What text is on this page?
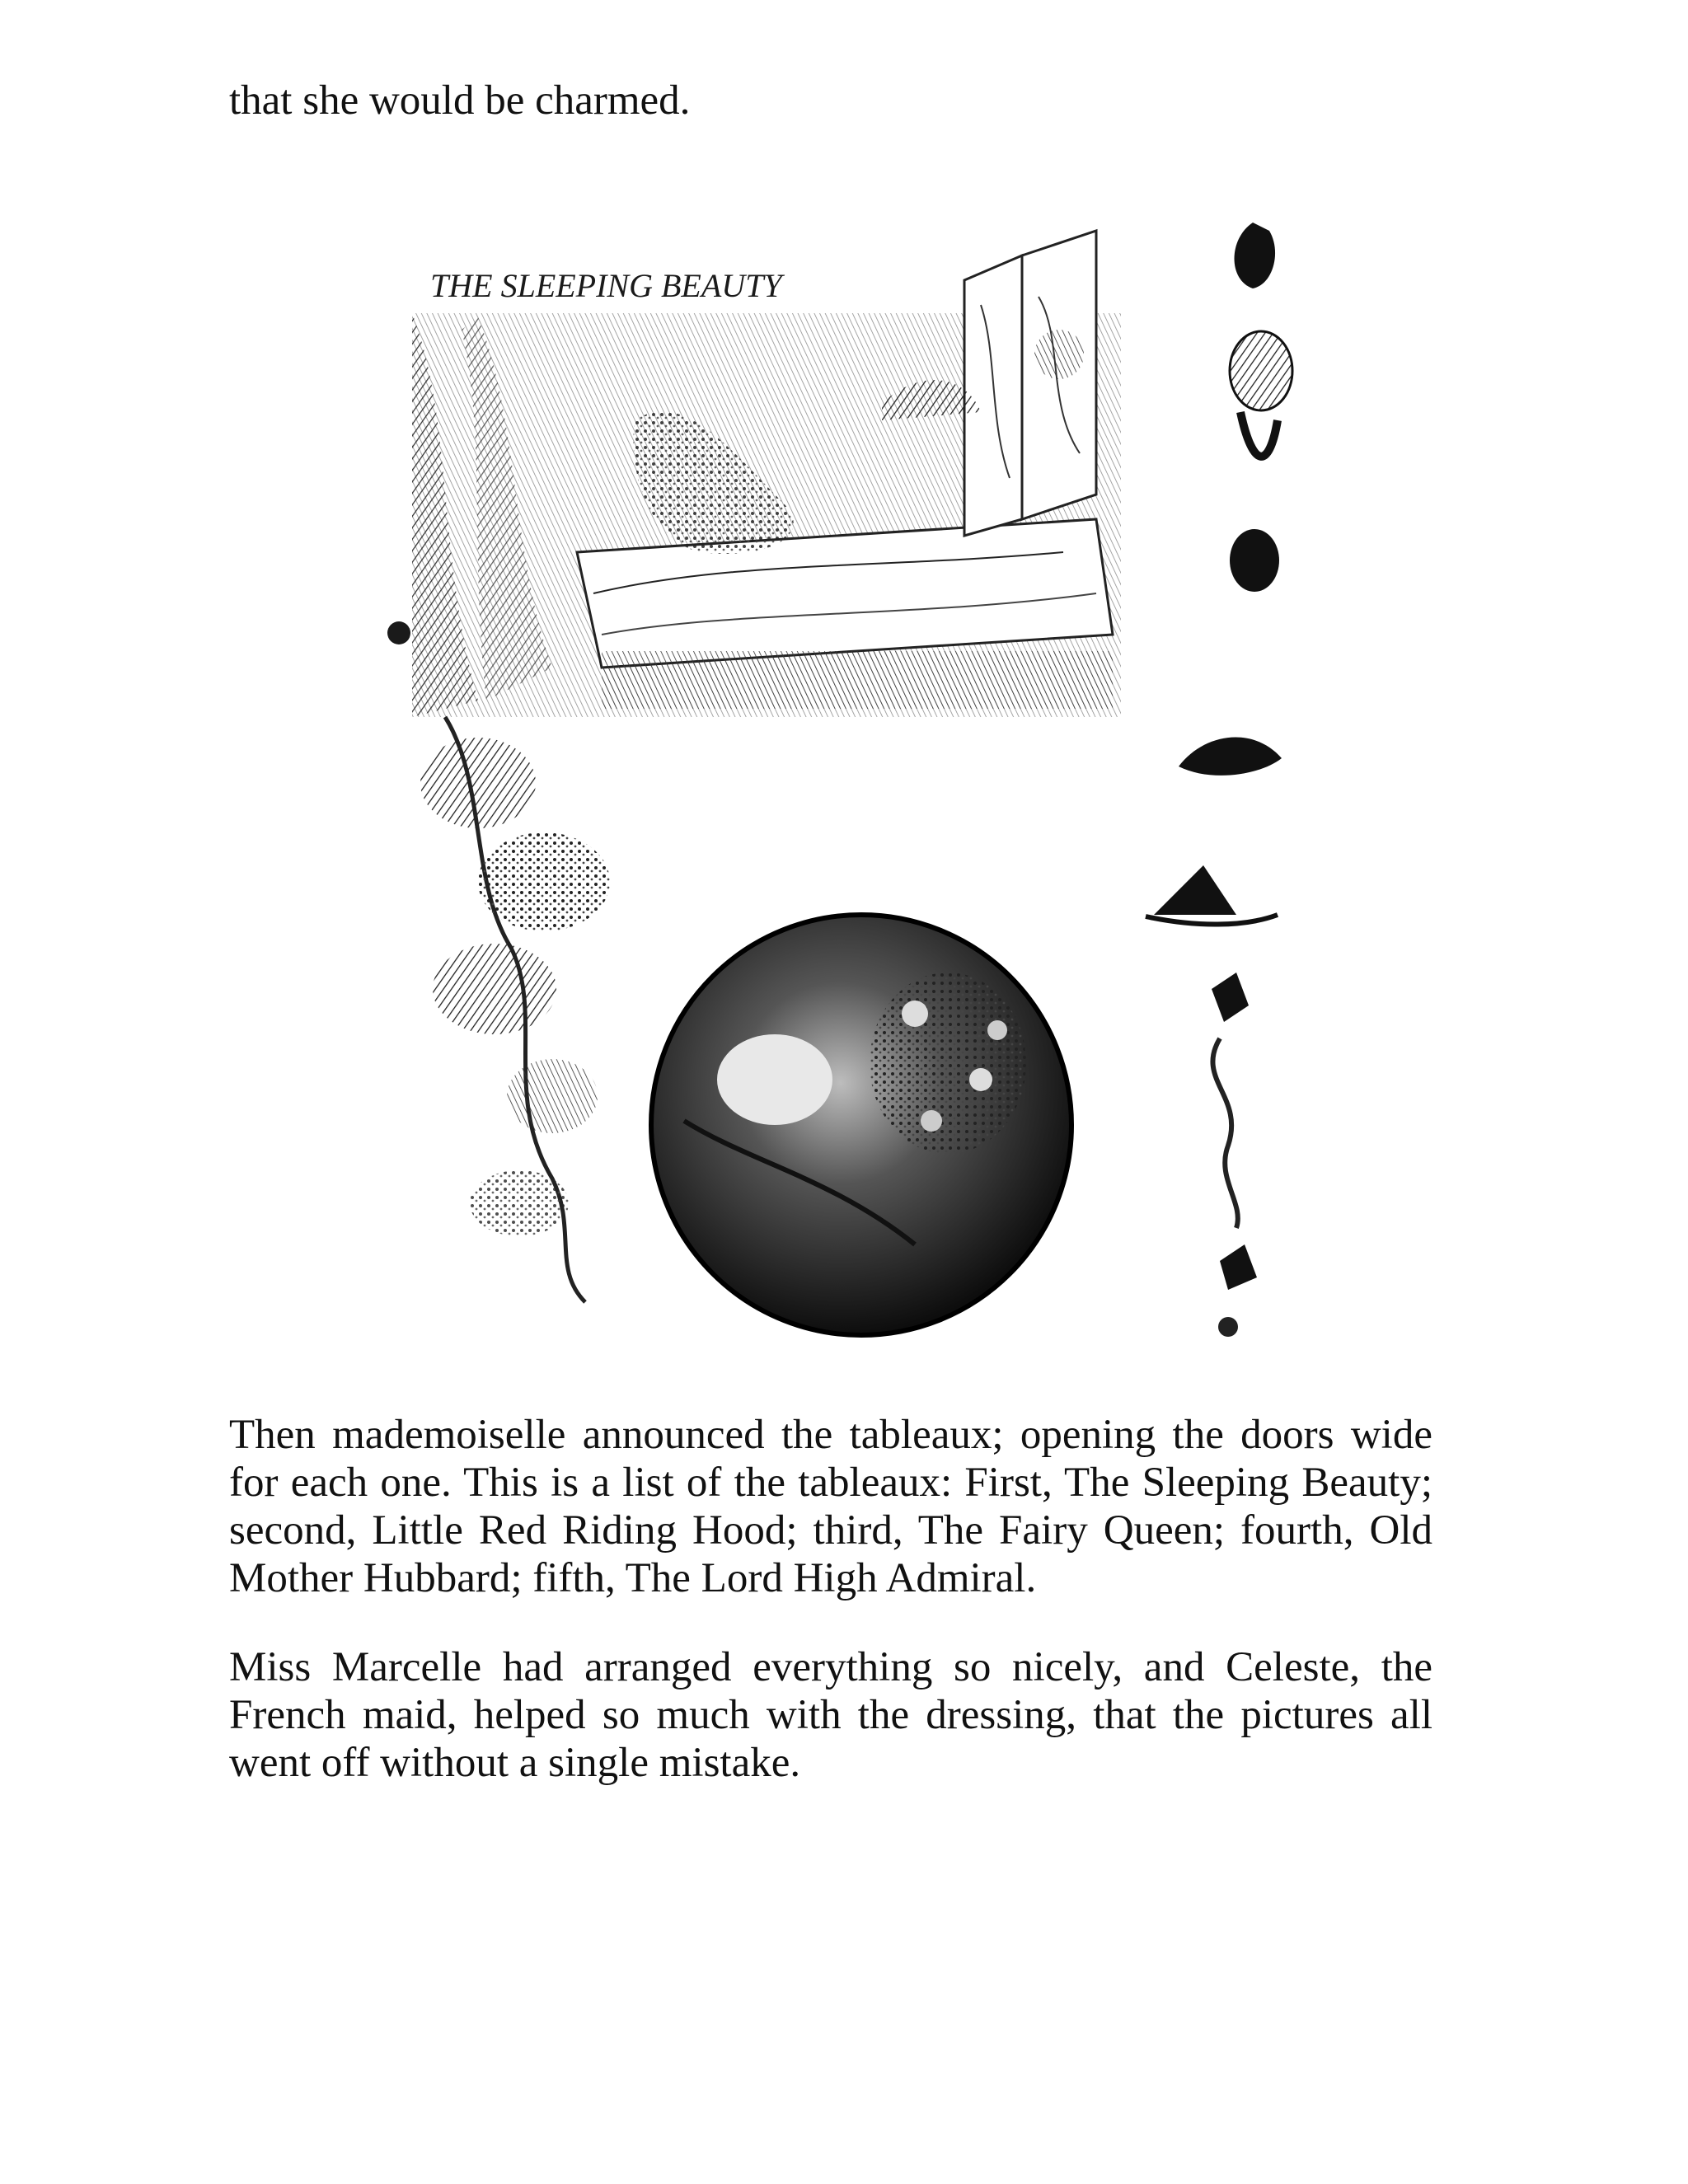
that she would be charmed.
THE SLEEPING BEAUTY

Then mademoiselle announced the tableaux; opening the doors wide for each one. This is a list of the tableaux: First, The Sleeping Beauty; second, Little Red Riding Hood; third, The Fairy Queen; fourth, Old Mother Hubbard; fifth, The Lord High Admiral.

Miss Marcelle had arranged everything so nicely, and Celeste, the French maid, helped so much with the dressing, that the pictures all went off without a single mistake.
